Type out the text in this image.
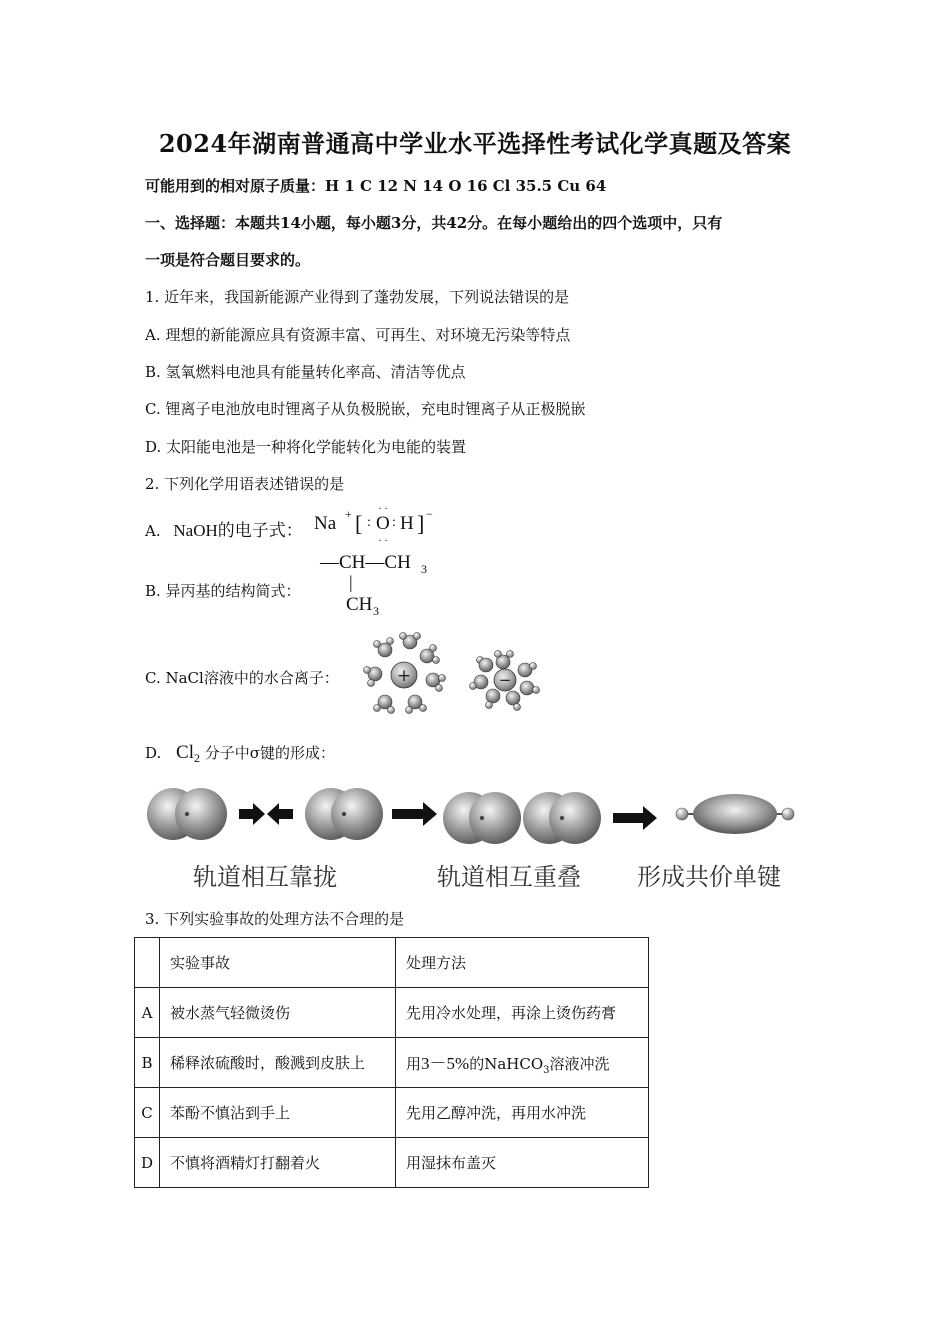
2024年湖南普通高中学业水平选择性考试化学真题及答案
可能用到的相对原子质量：H 1 C 12 N 14 O 16 Cl 35.5 Cu 64
一、选择题：本题共14小题，每小题3分，共42分。在每小题给出的四个选项中，只有
一项是符合题目要求的。
1. 近年来，我国新能源产业得到了蓬勃发展，下列说法错误的是
A. 理想的新能源应具有资源丰富、可再生、对环境无污染等特点
B. 氢氧燃料电池具有能量转化率高、清洁等优点
C. 锂离子电池放电时锂离子从负极脱嵌，充电时锂离子从正极脱嵌
D. 太阳能电池是一种将化学能转化为电能的装置
2. 下列化学用语表述错误的是
A. NaOH的电子式： Na + [ : O
··
··
: H ] −
B. 异丙基的结构简式：
—CH—CH 3
|
CH 3
C. NaCl溶液中的水合离子：	+	−
D. $Cl_2$ 分子中σ键的形成：
轨道相互靠拢	轨道相互重叠 形成共价单键
3. 下列实验事故的处理方法不合理的是
	实验事故	处理方法
A	被水蒸气轻微烫伤	先用冷水处理，再涂上烫伤药膏
B	稀释浓硫酸时，酸溅到皮肤上	用3－5%的NaHCO$_3$溶液冲洗
C	苯酚不慎沾到手上	先用乙醇冲洗，再用水冲洗
D	不慎将酒精灯打翻着火	用湿抹布盖灭
